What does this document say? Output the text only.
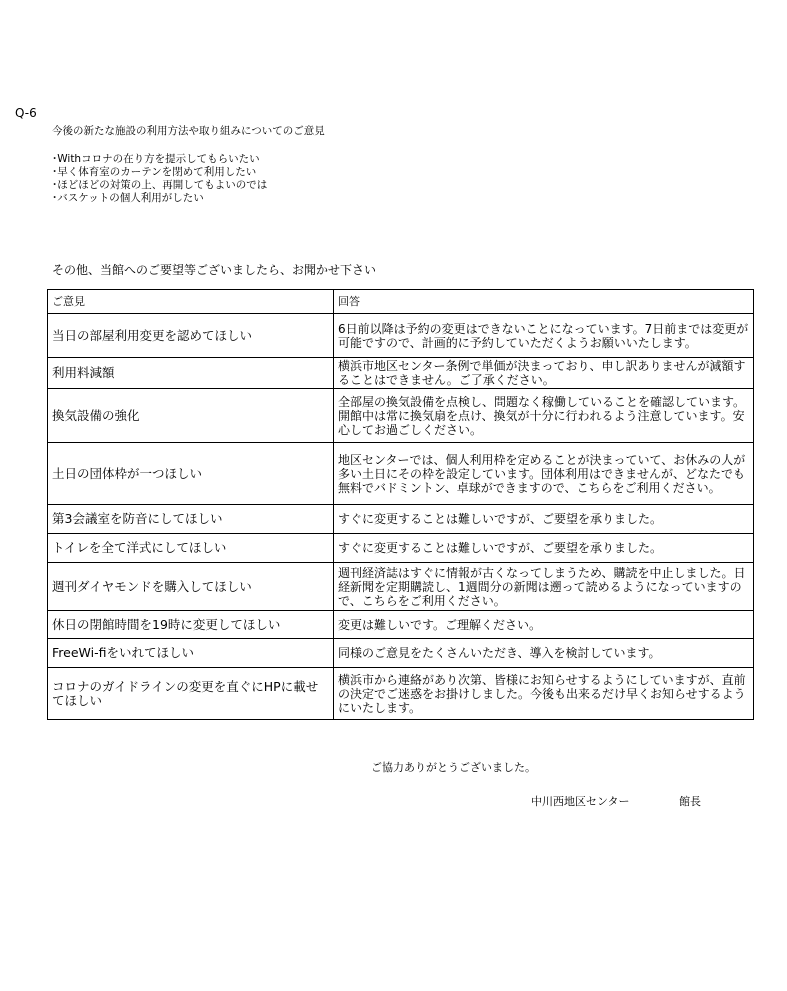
Q-6
今後の新たな施設の利用方法や取り組みについてのご意見
･Withコロナの在り方を提示してもらいたい
･早く体育室のカーテンを閉めて利用したい
･ほどほどの対策の上、再開してもよいのでは
･バスケットの個人利用がしたい
その他、当館へのご要望等ございましたら、お聞かせ下さい
ご意見	回答
当日の部屋利用変更を認めてほしい	6日前以降は予約の変更はできないことになっています。7日前までは変更が可能ですので、計画的に予約していただくようお願いいたします。
利用料減額	横浜市地区センター条例で単価が決まっており、申し訳ありませんが減額することはできません。ご了承ください。
換気設備の強化	全部屋の換気設備を点検し、問題なく稼働していることを確認しています。開館中は常に換気扇を点け、換気が十分に行われるよう注意しています。安心してお過ごしください。
土日の団体枠が一つほしい	地区センターでは、個人利用枠を定めることが決まっていて、お休みの人が多い土日にその枠を設定しています。団体利用はできませんが、どなたでも無料でバドミントン、卓球ができますので、こちらをご利用ください。
第3会議室を防音にしてほしい	すぐに変更することは難しいですが、ご要望を承りました。
トイレを全て洋式にしてほしい	すぐに変更することは難しいですが、ご要望を承りました。
週刊ダイヤモンドを購入してほしい	週刊経済誌はすぐに情報が古くなってしまうため、購読を中止しました。日経新聞を定期購読し、1週間分の新聞は遡って読めるようになっていますので、こちらをご利用ください。
休日の閉館時間を19時に変更してほしい	変更は難しいです。ご理解ください。
FreeWi-fiをいれてほしい	同様のご意見をたくさんいただき、導入を検討しています。
コロナのガイドラインの変更を直ぐにHPに載せてほしい	横浜市から連絡があり次第、皆様にお知らせするようにしていますが、直前の決定でご迷惑をお掛けしました。今後も出来るだけ早くお知らせするようにいたします。
ご協力ありがとうございました。
中川西地区センター	館長
